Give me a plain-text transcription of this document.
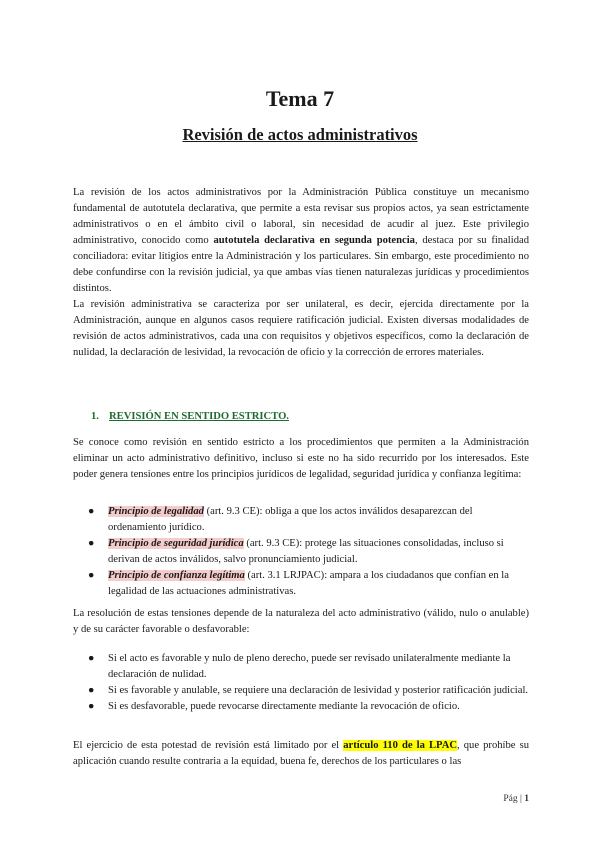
Tema 7
Revisión de actos administrativos

La revisión de los actos administrativos por la Administración Pública constituye un mecanismo fundamental de autotutela declarativa, que permite a esta revisar sus propios actos, ya sean estrictamente administrativos o en el ámbito civil o laboral, sin necesidad de acudir al juez. Este privilegio administrativo, conocido como autotutela declarativa en segunda potencia, destaca por su finalidad conciliadora: evitar litigios entre la Administración y los particulares. Sin embargo, este procedimiento no debe confundirse con la revisión judicial, ya que ambas vías tienen naturalezas jurídicas y procedimientos distintos.

La revisión administrativa se caracteriza por ser unilateral, es decir, ejercida directamente por la Administración, aunque en algunos casos requiere ratificación judicial. Existen diversas modalidades de revisión de actos administrativos, cada una con requisitos y objetivos específicos, como la declaración de nulidad, la declaración de lesividad, la revocación de oficio y la corrección de errores materiales.

1. REVISIÓN EN SENTIDO ESTRICTO.

Se conoce como revisión en sentido estricto a los procedimientos que permiten a la Administración eliminar un acto administrativo definitivo, incluso si este no ha sido recurrido por los interesados. Este poder genera tensiones entre los principios jurídicos de legalidad, seguridad jurídica y confianza legítima:

● Principio de legalidad (art. 9.3 CE): obliga a que los actos inválidos desaparezcan del ordenamiento jurídico.
● Principio de seguridad jurídica (art. 9.3 CE): protege las situaciones consolidadas, incluso si derivan de actos inválidos, salvo pronunciamiento judicial.
● Principio de confianza legítima (art. 3.1 LRJPAC): ampara a los ciudadanos que confían en la legalidad de las actuaciones administrativas.

La resolución de estas tensiones depende de la naturaleza del acto administrativo (válido, nulo o anulable) y de su carácter favorable o desfavorable:

● Si el acto es favorable y nulo de pleno derecho, puede ser revisado unilateralmente mediante la declaración de nulidad.
● Si es favorable y anulable, se requiere una declaración de lesividad y posterior ratificación judicial.
● Si es desfavorable, puede revocarse directamente mediante la revocación de oficio.

El ejercicio de esta potestad de revisión está limitado por el artículo 110 de la LPAC, que prohíbe su aplicación cuando resulte contraria a la equidad, buena fe, derechos de los particulares o las

Pág | 1
